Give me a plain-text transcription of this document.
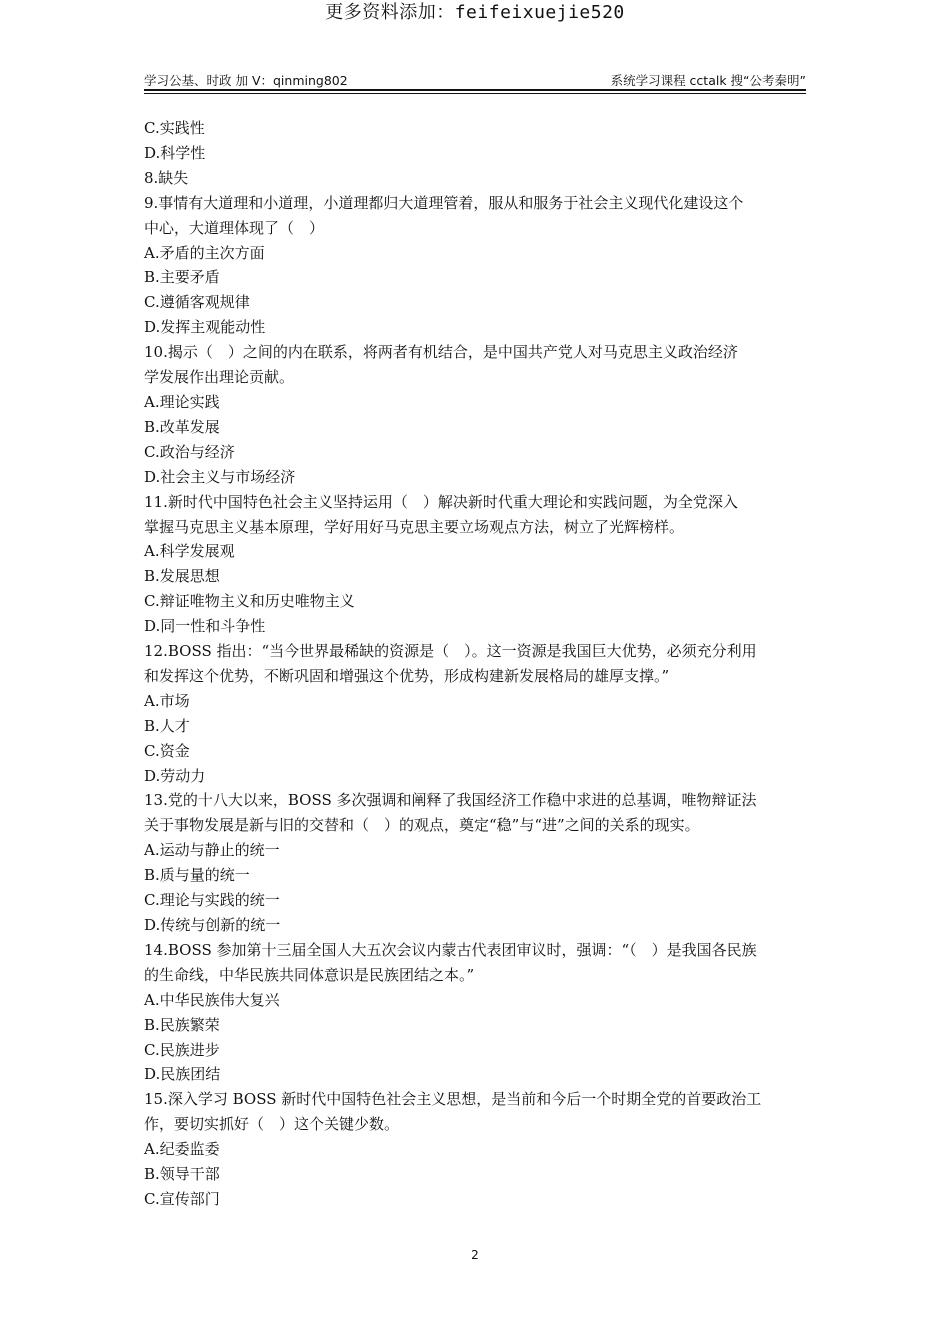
更多资料添加：feifeixuejie520
学习公基、时政 加 V：qinming802	系统学习课程 cctalk 搜“公考秦明”
C.实践性
D.科学性
8.缺失
9.事情有大道理和小道理，小道理都归大道理管着，服从和服务于社会主义现代化建设这个
中心，大道理体现了（　）
A.矛盾的主次方面
B.主要矛盾
C.遵循客观规律
D.发挥主观能动性
10.揭示（　）之间的内在联系，将两者有机结合，是中国共产党人对马克思主义政治经济
学发展作出理论贡献。
A.理论实践
B.改革发展
C.政治与经济
D.社会主义与市场经济
11.新时代中国特色社会主义坚持运用（　）解决新时代重大理论和实践问题，为全党深入
掌握马克思主义基本原理，学好用好马克思主要立场观点方法，树立了光辉榜样。
A.科学发展观
B.发展思想
C.辩证唯物主义和历史唯物主义
D.同一性和斗争性
12.BOSS 指出：“当今世界最稀缺的资源是（　）。这一资源是我国巨大优势，必须充分利用
和发挥这个优势，不断巩固和增强这个优势，形成构建新发展格局的雄厚支撑。”
A.市场
B.人才
C.资金
D.劳动力
13.党的十八大以来，BOSS 多次强调和阐释了我国经济工作稳中求进的总基调，唯物辩证法
关于事物发展是新与旧的交替和（　）的观点，奠定“稳”与“进”之间的关系的现实。
A.运动与静止的统一
B.质与量的统一
C.理论与实践的统一
D.传统与创新的统一
14.BOSS 参加第十三届全国人大五次会议内蒙古代表团审议时，强调：“（　）是我国各民族
的生命线，中华民族共同体意识是民族团结之本。”
A.中华民族伟大复兴
B.民族繁荣
C.民族进步
D.民族团结
15.深入学习 BOSS 新时代中国特色社会主义思想，是当前和今后一个时期全党的首要政治工
作，要切实抓好（　）这个关键少数。
A.纪委监委
B.领导干部
C.宣传部门
2
